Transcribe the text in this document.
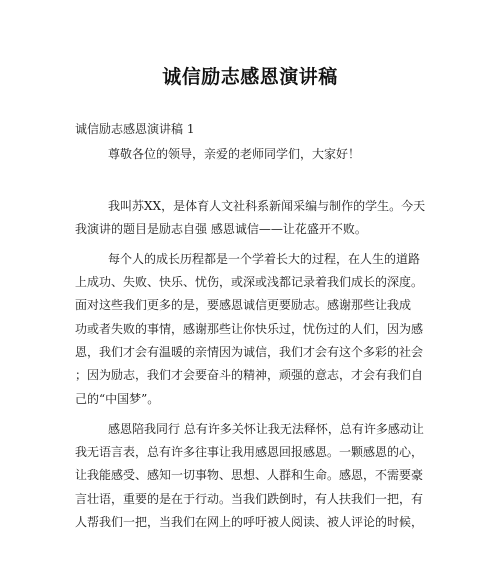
诚信励志感恩演讲稿
诚信励志感恩演讲稿 1
尊敬各位的领导，亲爱的老师同学们，大家好！
我叫苏XX，是体育人文社科系新闻采编与制作的学生。今天
我演讲的题目是励志自强 感恩诚信——让花盛开不败。
每个人的成长历程都是一个学着长大的过程，在人生的道路
上成功、失败、快乐、忧伤，或深或浅都记录着我们成长的深度。
面对这些我们更多的是，要感恩诚信更要励志。感谢那些让我成
功或者失败的事情，感谢那些让你快乐过，忧伤过的人们，因为感
恩，我们才会有温暖的亲情因为诚信，我们才会有这个多彩的社会
；因为励志，我们才会要奋斗的精神，顽强的意志，才会有我们自
己的“中国梦”。
感恩陪我同行 总有许多关怀让我无法释怀，总有许多感动让
我无语言表，总有许多往事让我用感恩回报感恩。一颗感恩的心，
让我能感受、感知一切事物、思想、人群和生命。感恩，不需要豪
言壮语，重要的是在于行动。当我们跌倒时，有人扶我们一把，有
人帮我们一把，当我们在网上的呼吁被人阅读、被人评论的时候，
